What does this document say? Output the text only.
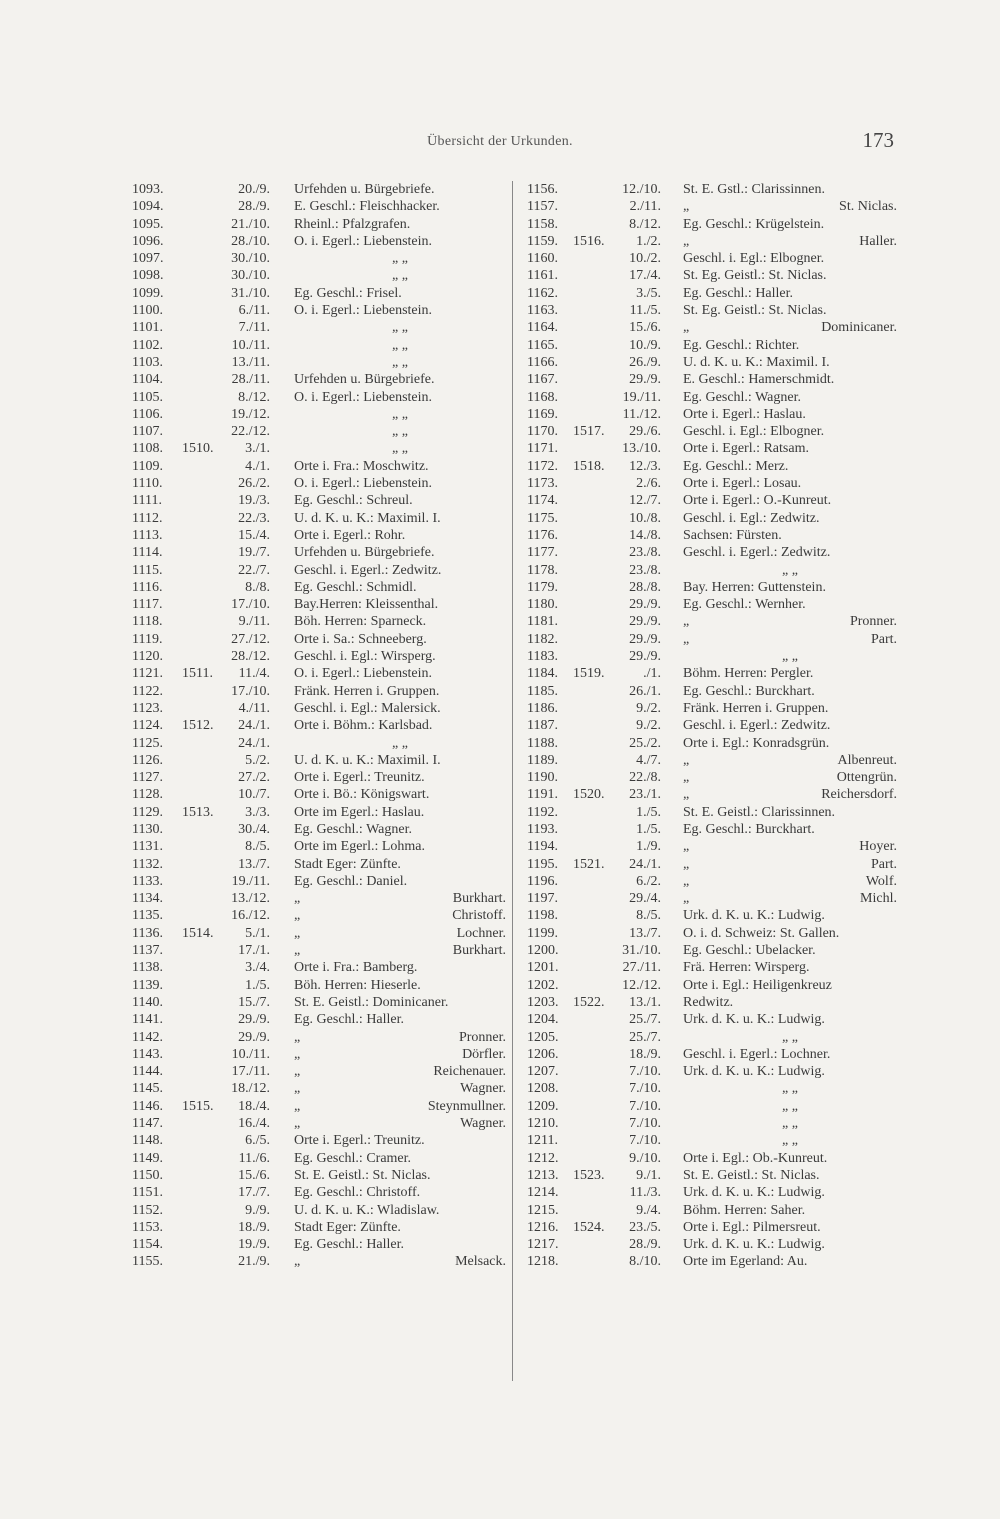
Übersicht der Urkunden.	173
1093.	20./9. Urfehden u. Bürgebriefe.
1094.	28./9. E. Geschl.: Fleischhacker.
1095.	21./10. Rheinl.: Pfalzgrafen.
1096.	28./10. O. i. Egerl.: Liebenstein.
1097.	30./10.	„ „
1098.	30./10.	„ „
1099.	31./10. Eg. Geschl.: Frisel.
1100.	6./11. O. i. Egerl.: Liebenstein.
1101.	7./11.	„ „
1102.	10./11.	„ „
1103.	13./11.	„ „
1104.	28./11. Urfehden u. Bürgebriefe.
1105.	8./12. O. i. Egerl.: Liebenstein.
1106.	19./12.	„ „
1107.	22./12.	„ „
1108. 1510.	3./1.	„ „
1109.	4./1. Orte i. Fra.: Moschwitz.
1110.	26./2. O. i. Egerl.: Liebenstein.
1111.	19./3. Eg. Geschl.: Schreul.
1112.	22./3. U. d. K. u. K.: Maximil. I.
1113.	15./4. Orte i. Egerl.: Rohr.
1114.	19./7. Urfehden u. Bürgebriefe.
1115.	22./7. Geschl. i. Egerl.: Zedwitz.
1116.	8./8. Eg. Geschl.: Schmidl.
1117.	17./10. Bay.Herren: Kleissenthal.
1118.	9./11. Böh. Herren: Sparneck.
1119.	27./12. Orte i. Sa.: Schneeberg.
1120.	28./12. Geschl. i. Egl.: Wirsperg.
1121. 1511.	11./4. O. i. Egerl.: Liebenstein.
1122.	17./10. Fränk. Herren i. Gruppen.
1123.	4./11. Geschl. i. Egl.: Malersick.
1124. 1512.	24./1. Orte i. Böhm.: Karlsbad.
1125.	24./1.	„ „
1126.	5./2. U. d. K. u. K.: Maximil. I.
1127.	27./2. Orte i. Egerl.: Treunitz.
1128.	10./7. Orte i. Bö.: Königswart.
1129. 1513.	3./3. Orte im Egerl.: Haslau.
1130.	30./4. Eg. Geschl.: Wagner.
1131.	8./5. Orte im Egerl.: Lohma.
1132.	13./7. Stadt Eger: Zünfte.
1133.	19./11. Eg. Geschl.: Daniel.
1134.	13./12. „	Burkhart.
1135.	16./12. „	Christoff.
1136. 1514.	5./1. „	Lochner.
1137.	17./1. „	Burkhart.
1138.	3./4. Orte i. Fra.: Bamberg.
1139.	1./5. Böh. Herren: Hieserle.
1140.	15./7. St. E. Geistl.: Dominicaner.
1141.	29./9. Eg. Geschl.: Haller.
1142.	29./9. „	Pronner.
1143.	10./11. „	Dörfler.
1144.	17./11. „	Reichenauer.
1145.	18./12. „	Wagner.
1146. 1515.	18./4. „	Steynmullner.
1147.	16./4. „	Wagner.
1148.	6./5. Orte i. Egerl.: Treunitz.
1149.	11./6. Eg. Geschl.: Cramer.
1150.	15./6. St. E. Geistl.: St. Niclas.
1151.	17./7. Eg. Geschl.: Christoff.
1152.	9./9. U. d. K. u. K.: Wladislaw.
1153.	18./9. Stadt Eger: Zünfte.
1154.	19./9. Eg. Geschl.: Haller.
1155.	21./9. „	Melsack.
1156.	12./10. St. E. Gstl.: Clarissinnen.
1157.	2./11. „	St. Niclas.
1158.	8./12. Eg. Geschl.: Krügelstein.
1159. 1516.	1./2. „	Haller.
1160.	10./2. Geschl. i. Egl.: Elbogner.
1161.	17./4. St. Eg. Geistl.: St. Niclas.
1162.	3./5. Eg. Geschl.: Haller.
1163.	11./5. St. Eg. Geistl.: St. Niclas.
1164.	15./6. „	Dominicaner.
1165.	10./9. Eg. Geschl.: Richter.
1166.	26./9. U. d. K. u. K.: Maximil. I.
1167.	29./9. E. Geschl.: Hamerschmidt.
1168.	19./11. Eg. Geschl.: Wagner.
1169.	11./12. Orte i. Egerl.: Haslau.
1170. 1517.	29./6. Geschl. i. Egl.: Elbogner.
1171.	13./10. Orte i. Egerl.: Ratsam.
1172. 1518.	12./3. Eg. Geschl.: Merz.
1173.	2./6. Orte i. Egerl.: Losau.
1174.	12./7. Orte i. Egerl.: O.-Kunreut.
1175.	10./8. Geschl. i. Egl.: Zedwitz.
1176.	14./8. Sachsen: Fürsten.
1177.	23./8. Geschl. i. Egerl.: Zedwitz.
1178.	23./8.	„ „
1179.	28./8. Bay. Herren: Guttenstein.
1180.	29./9. Eg. Geschl.: Wernher.
1181.	29./9. „	Pronner.
1182.	29./9. „	Part.
1183.	29./9.	„ „
1184. 1519.	./1. Böhm. Herren: Pergler.
1185.	26./1. Eg. Geschl.: Burckhart.
1186.	9./2. Fränk. Herren i. Gruppen.
1187.	9./2. Geschl. i. Egerl.: Zedwitz.
1188.	25./2. Orte i. Egl.: Konradsgrün.
1189.	4./7. „	Albenreut.
1190.	22./8. „	Ottengrün.
1191. 1520.	23./1. „	Reichersdorf.
1192.	1./5. St. E. Geistl.: Clarissinnen.
1193.	1./5. Eg. Geschl.: Burckhart.
1194.	1./9. „	Hoyer.
1195. 1521.	24./1. „	Part.
1196.	6./2. „	Wolf.
1197.	29./4. „	Michl.
1198.	8./5. Urk. d. K. u. K.: Ludwig.
1199.	13./7. O. i. d. Schweiz: St. Gallen.
1200.	31./10. Eg. Geschl.: Ubelacker.
1201.	27./11. Frä. Herren: Wirsperg.
1202.	12./12. Orte i. Egl.: Heiligenkreuz
1203. 1522.	13./1. Redwitz.
1204.	25./7. Urk. d. K. u. K.: Ludwig.
1205.	25./7.	„ „
1206.	18./9. Geschl. i. Egerl.: Lochner.
1207.	7./10. Urk. d. K. u. K.: Ludwig.
1208.	7./10.	„ „
1209.	7./10.	„ „
1210.	7./10.	„ „
1211.	7./10.	„ „
1212.	9./10. Orte i. Egl.: Ob.-Kunreut.
1213. 1523.	9./1. St. E. Geistl.: St. Niclas.
1214.	11./3. Urk. d. K. u. K.: Ludwig.
1215.	9./4. Böhm. Herren: Saher.
1216. 1524.	23./5. Orte i. Egl.: Pilmersreut.
1217.	28./9. Urk. d. K. u. K.: Ludwig.
1218.	8./10. Orte im Egerland: Au.
